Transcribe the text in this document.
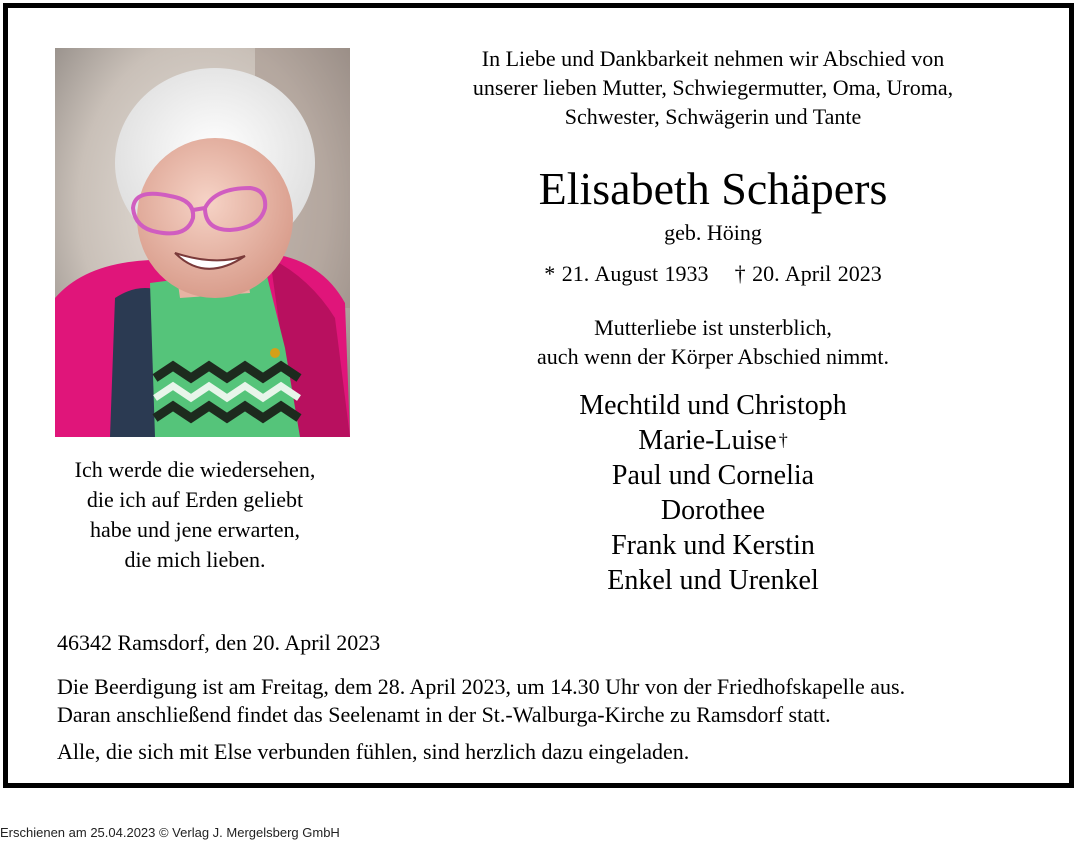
Ich werde die wiedersehen,
die ich auf Erden geliebt
habe und jene erwarten,
die mich lieben.
In Liebe und Dankbarkeit nehmen wir Abschied von
unserer lieben Mutter, Schwiegermutter, Oma, Uroma,
Schwester, Schwägerin und Tante
Elisabeth Schäpers
geb. Höing
* 21. August 1933 † 20. April 2023
Mutterliebe ist unsterblich,
auch wenn der Körper Abschied nimmt.
Mechtild und Christoph
Marie-Luise †
Paul und Cornelia
Dorothee
Frank und Kerstin
Enkel und Urenkel
46342 Ramsdorf, den 20. April 2023
Die Beerdigung ist am Freitag, dem 28. April 2023, um 14.30 Uhr von der Friedhofskapelle aus.
Daran anschließend findet das Seelenamt in der St.-Walburga-Kirche zu Ramsdorf statt.
Alle, die sich mit Else verbunden fühlen, sind herzlich dazu eingeladen.
Erschienen am 25.04.2023 © Verlag J. Mergelsberg GmbH
